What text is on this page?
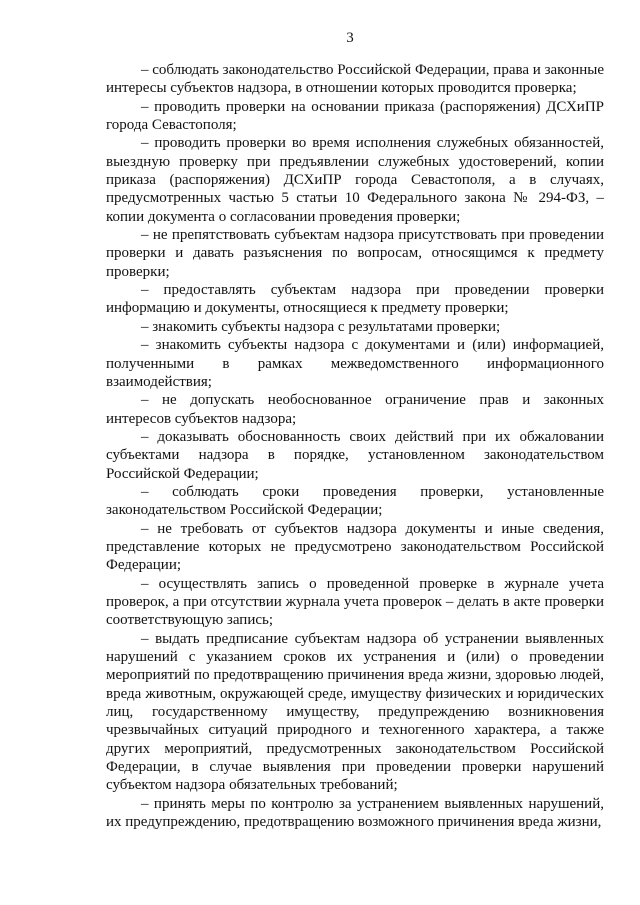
3

– соблюдать законодательство Российской Федерации, права и законные интересы субъектов надзора, в отношении которых проводится проверка;

– проводить проверки на основании приказа (распоряжения) ДСХиПР города Севастополя;

– проводить проверки во время исполнения служебных обязанностей, выездную проверку при предъявлении служебных удостоверений, копии приказа (распоряжения) ДСХиПР города Севастополя, а в случаях, предусмотренных частью 5 статьи 10 Федерального закона № 294-ФЗ, – копии документа о согласовании проведения проверки;

– не препятствовать субъектам надзора присутствовать при проведении проверки и давать разъяснения по вопросам, относящимся к предмету проверки;

– предоставлять субъектам надзора при проведении проверки информацию и документы, относящиеся к предмету проверки;

– знакомить субъекты надзора с результатами проверки;

– знакомить субъекты надзора с документами и (или) информацией, полученными в рамках межведомственного информационного взаимодействия;

– не допускать необоснованное ограничение прав и законных интересов субъектов надзора;

– доказывать обоснованность своих действий при их обжаловании субъектами надзора в порядке, установленном законодательством Российской Федерации;

– соблюдать сроки проведения проверки, установленные законодательством Российской Федерации;

– не требовать от субъектов надзора документы и иные сведения, представление которых не предусмотрено законодательством Российской Федерации;

– осуществлять запись о проведенной проверке в журнале учета проверок, а при отсутствии журнала учета проверок – делать в акте проверки соответствующую запись;

– выдать предписание субъектам надзора об устранении выявленных нарушений с указанием сроков их устранения и (или) о проведении мероприятий по предотвращению причинения вреда жизни, здоровью людей, вреда животным, окружающей среде, имуществу физических и юридических лиц, государственному имуществу, предупреждению возникновения чрезвычайных ситуаций природного и техногенного характера, а также других мероприятий, предусмотренных законодательством Российской Федерации, в случае выявления при проведении проверки нарушений субъектом надзора обязательных требований;

– принять меры по контролю за устранением выявленных нарушений, их предупреждению, предотвращению возможного причинения вреда жизни,
